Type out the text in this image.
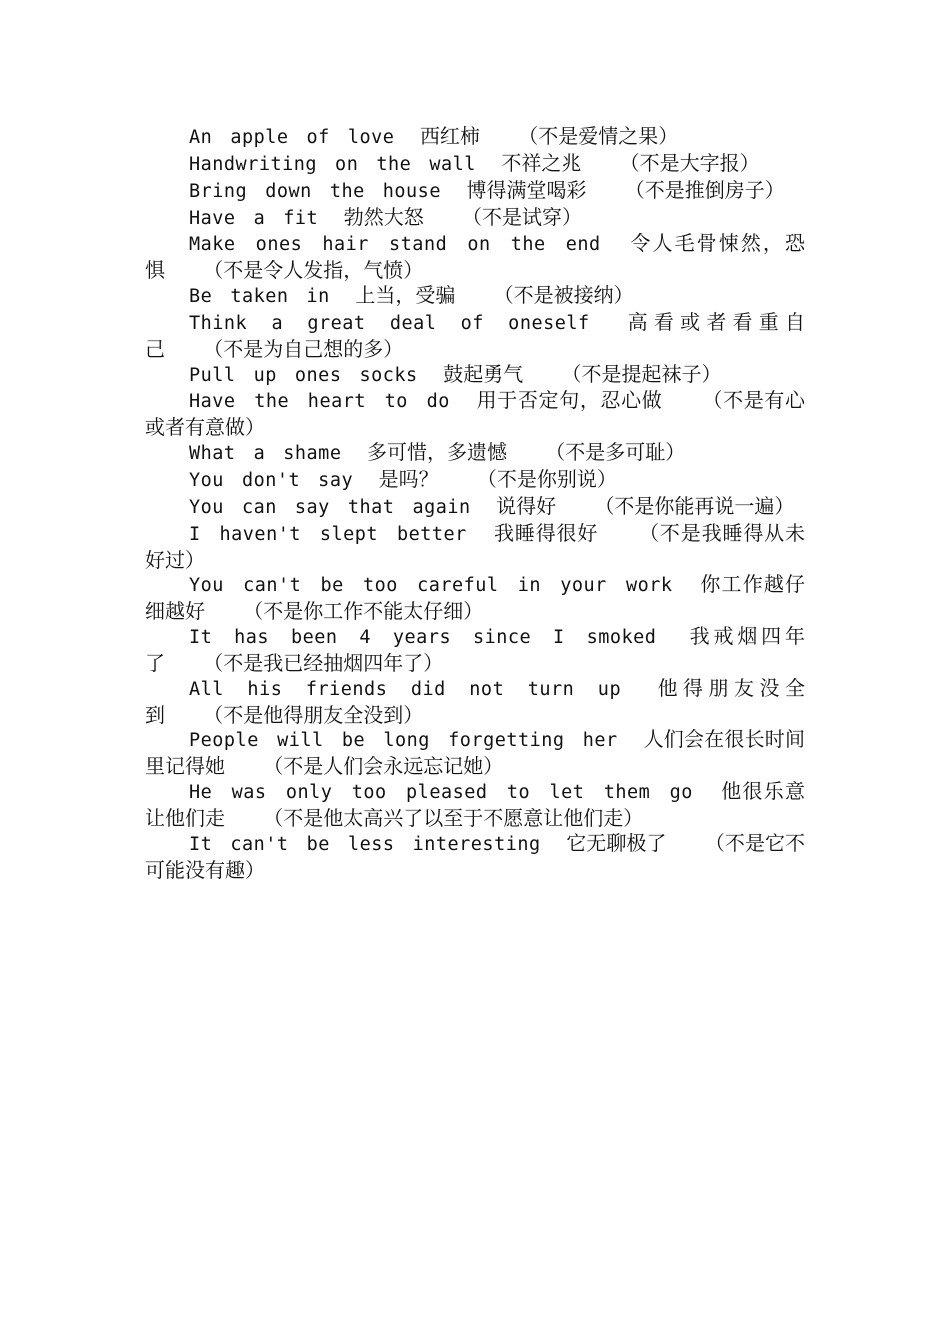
An apple of love 西红柿 （不是爱情之果）

Handwriting on the wall 不祥之兆 （不是大字报）

Bring down the house 博得满堂喝彩 （不是推倒房子）

Have a fit 勃然大怒 （不是试穿）

Make ones hair stand on the end 令人毛骨悚然，恐惧 （不是令人发指，气愤）

Be taken in 上当，受骗 （不是被接纳）

Think a great deal of oneself 高看或者看重自己 （不是为自己想的多）

Pull up ones socks 鼓起勇气 （不是提起袜子）

Have the heart to do 用于否定句，忍心做 （不是有心或者有意做）

What a shame 多可惜，多遗憾 （不是多可耻）

You don't say 是吗？ （不是你别说）

You can say that again 说得好 （不是你能再说一遍）

I haven't slept better 我睡得很好 （不是我睡得从未好过）

You can't be too careful in your work 你工作越仔细越好 （不是你工作不能太仔细）

It has been 4 years since I smoked 我戒烟四年了 （不是我已经抽烟四年了）

All his friends did not turn up 他得朋友没全到 （不是他得朋友全没到）

People will be long forgetting her 人们会在很长时间里记得她 （不是人们会永远忘记她）

He was only too pleased to let them go 他很乐意让他们走 （不是他太高兴了以至于不愿意让他们走）

It can't be less interesting 它无聊极了 （不是它不可能没有趣）
